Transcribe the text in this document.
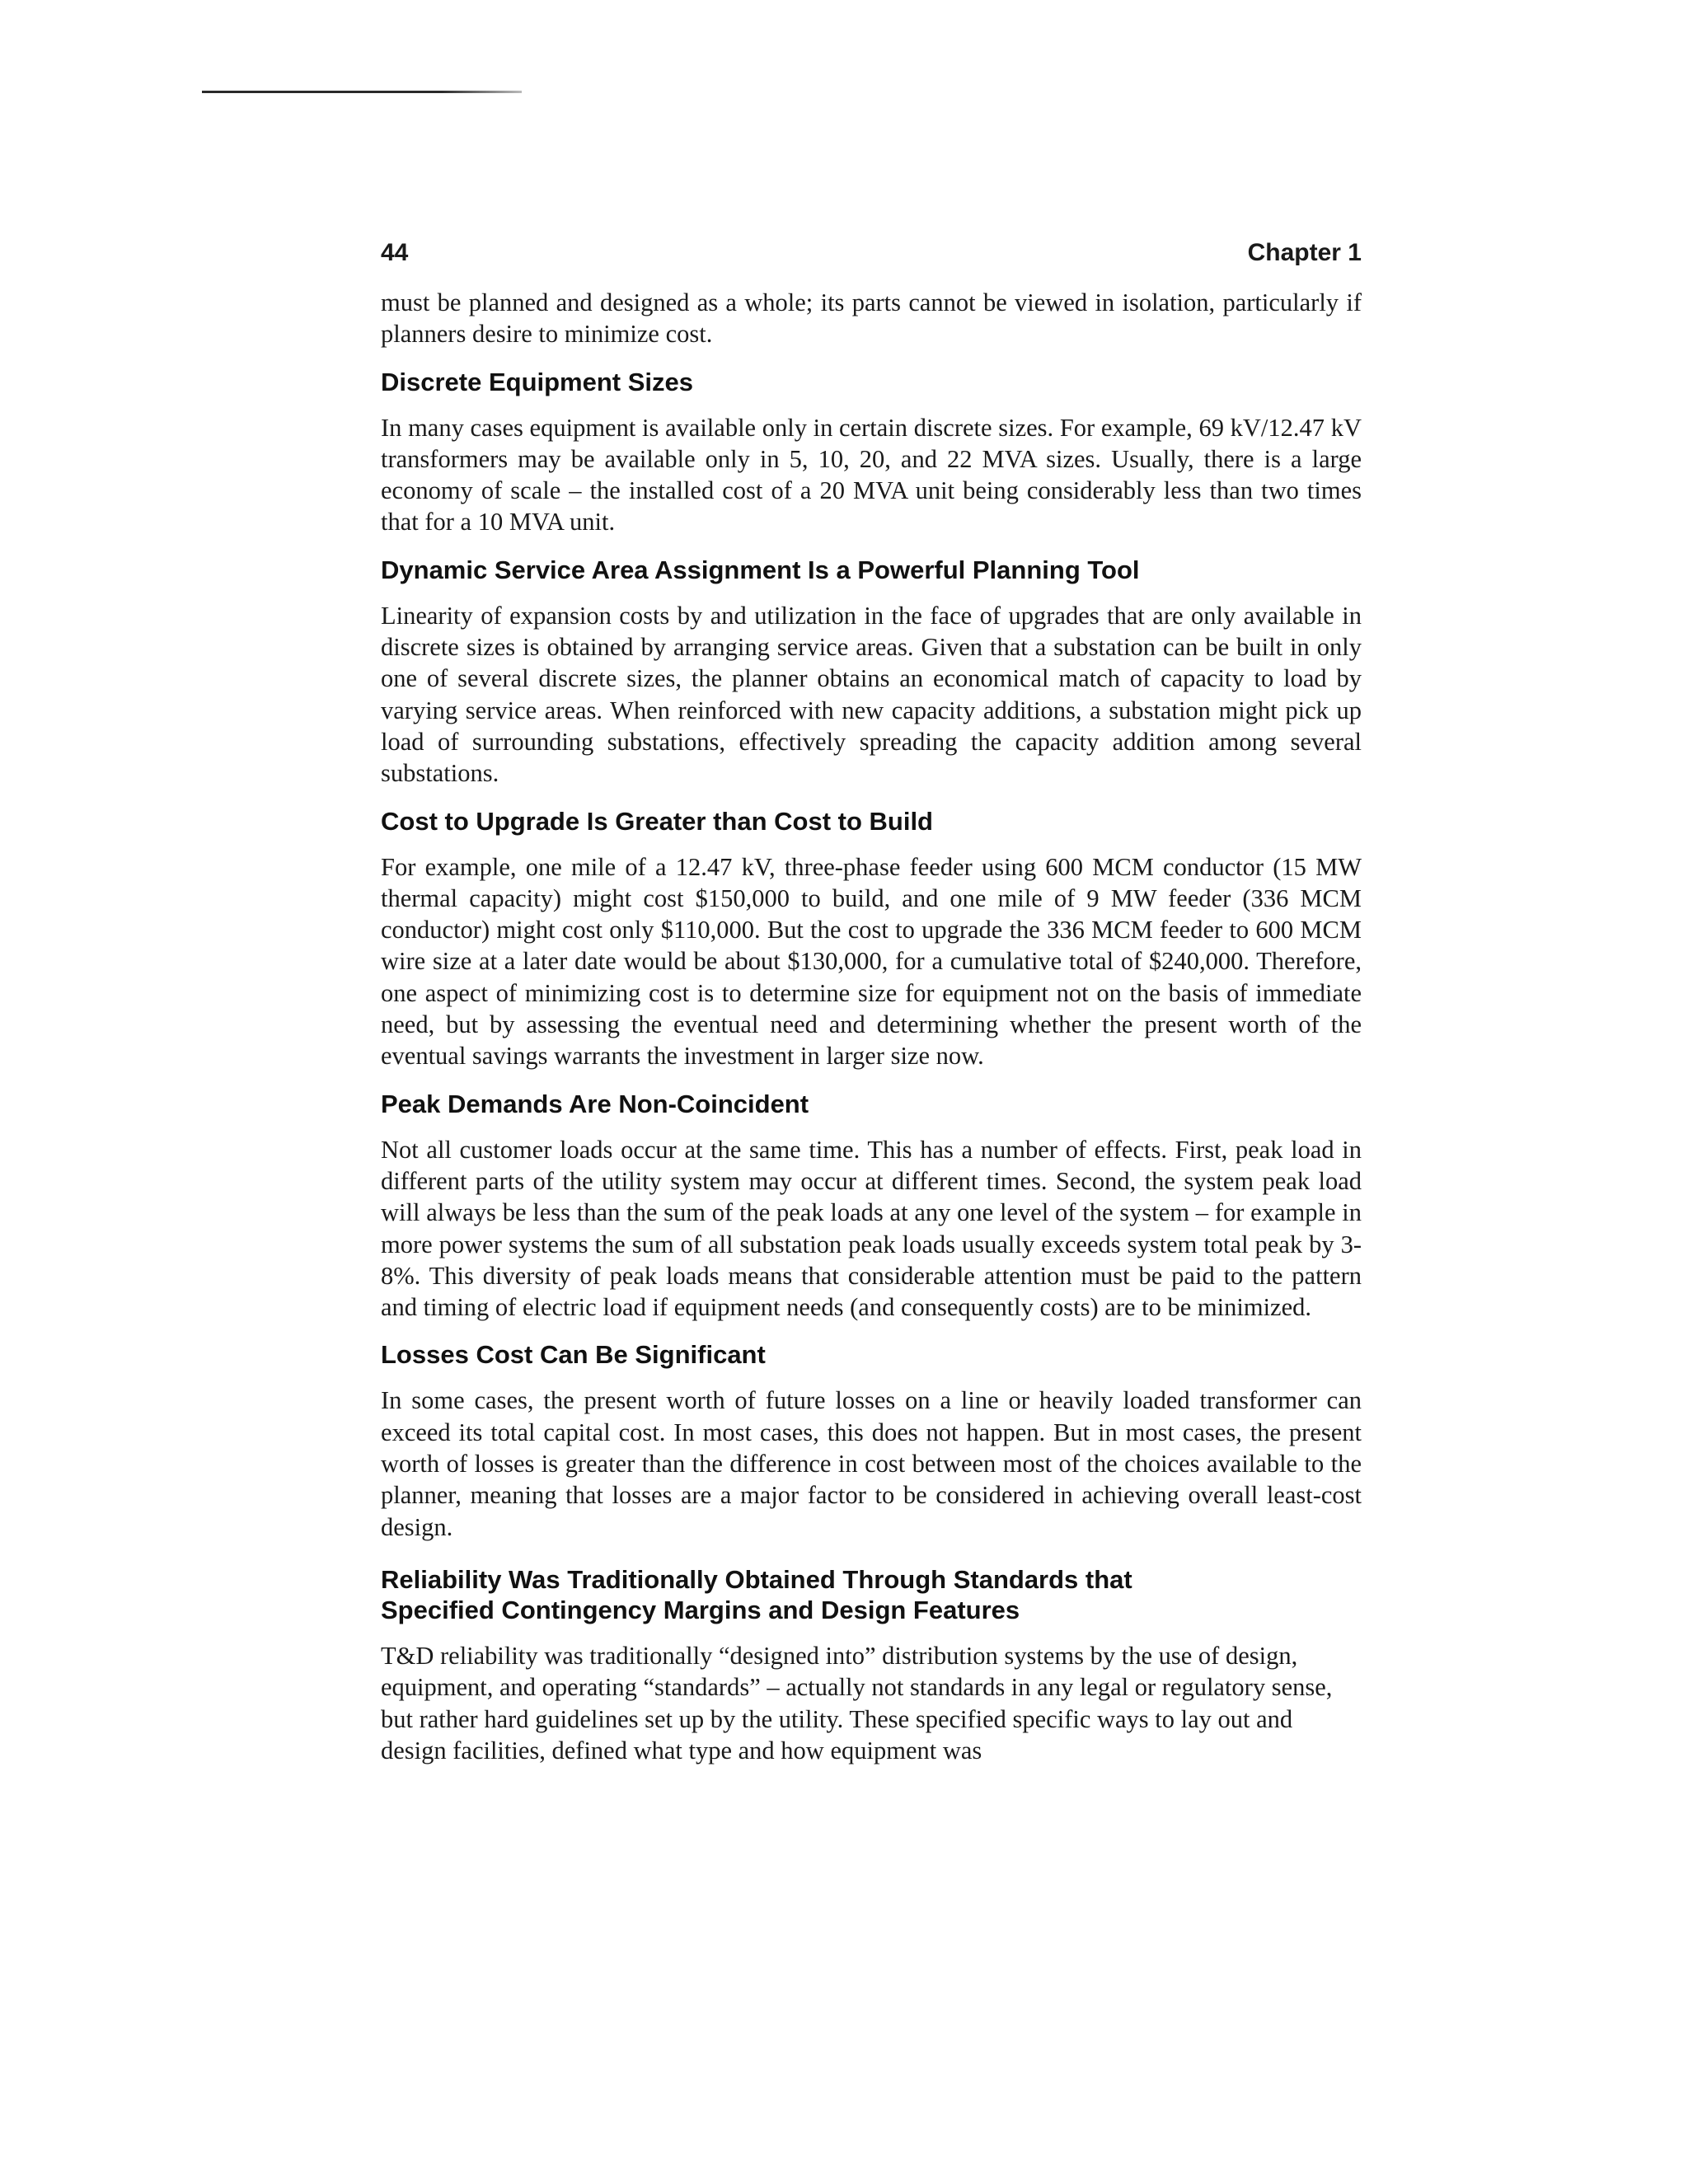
44	Chapter 1

must be planned and designed as a whole; its parts cannot be viewed in isolation, particularly if planners desire to minimize cost.

Discrete Equipment Sizes

In many cases equipment is available only in certain discrete sizes. For example, 69 kV/12.47 kV transformers may be available only in 5, 10, 20, and 22 MVA sizes. Usually, there is a large economy of scale – the installed cost of a 20 MVA unit being considerably less than two times that for a 10 MVA unit.

Dynamic Service Area Assignment Is a Powerful Planning Tool

Linearity of expansion costs by and utilization in the face of upgrades that are only available in discrete sizes is obtained by arranging service areas. Given that a substation can be built in only one of several discrete sizes, the planner obtains an economical match of capacity to load by varying service areas. When reinforced with new capacity additions, a substation might pick up load of surrounding substations, effectively spreading the capacity addition among several substations.

Cost to Upgrade Is Greater than Cost to Build

For example, one mile of a 12.47 kV, three-phase feeder using 600 MCM conductor (15 MW thermal capacity) might cost $150,000 to build, and one mile of 9 MW feeder (336 MCM conductor) might cost only $110,000. But the cost to upgrade the 336 MCM feeder to 600 MCM wire size at a later date would be about $130,000, for a cumulative total of $240,000. Therefore, one aspect of minimizing cost is to determine size for equipment not on the basis of immediate need, but by assessing the eventual need and determining whether the present worth of the eventual savings warrants the investment in larger size now.

Peak Demands Are Non-Coincident

Not all customer loads occur at the same time. This has a number of effects. First, peak load in different parts of the utility system may occur at different times. Second, the system peak load will always be less than the sum of the peak loads at any one level of the system – for example in more power systems the sum of all substation peak loads usually exceeds system total peak by 3-8%. This diversity of peak loads means that considerable attention must be paid to the pattern and timing of electric load if equipment needs (and consequently costs) are to be minimized.

Losses Cost Can Be Significant

In some cases, the present worth of future losses on a line or heavily loaded transformer can exceed its total capital cost. In most cases, this does not happen. But in most cases, the present worth of losses is greater than the difference in cost between most of the choices available to the planner, meaning that losses are a major factor to be considered in achieving overall least-cost design.

Reliability Was Traditionally Obtained Through Standards that
Specified Contingency Margins and Design Features

T&D reliability was traditionally “designed into” distribution systems by the use of design, equipment, and operating “standards” – actually not standards in any legal or regulatory sense, but rather hard guidelines set up by the utility. These specified specific ways to lay out and design facilities, defined what type and how equipment was
